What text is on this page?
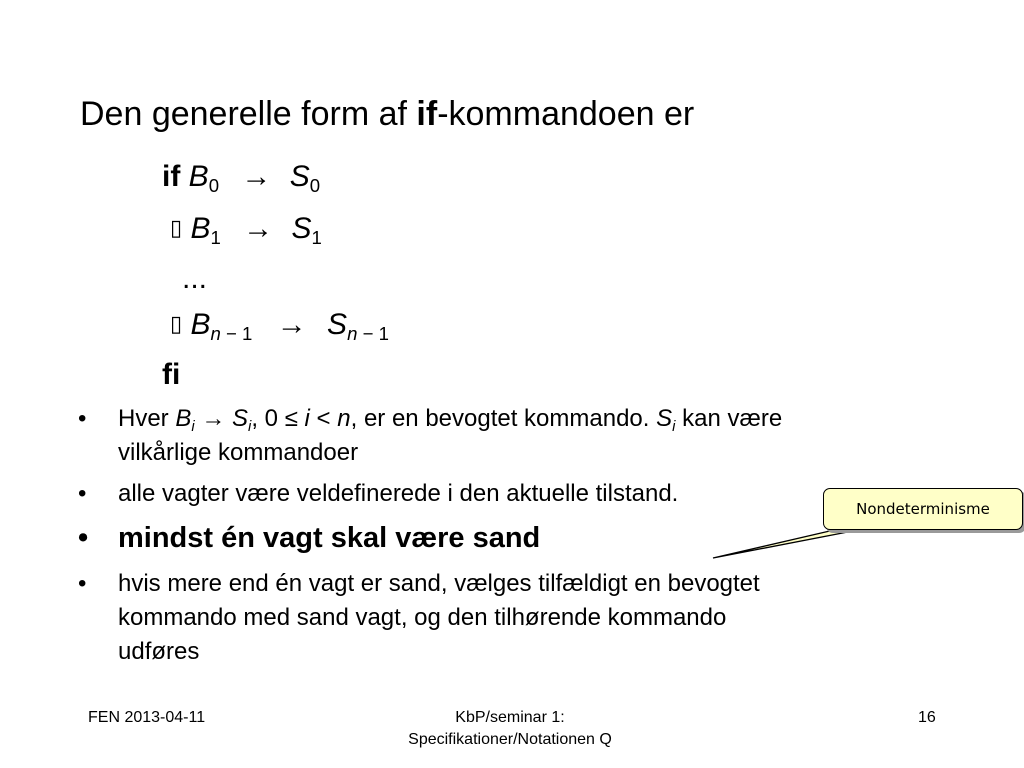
Den generelle form af if-kommandoen er
if $B_0 \to S_0$
▯ $B_1 \to S_1$
...
▯ $B_{n - 1} \to S_{n - 1}$
fi
• Hver $B_i \to S_i$, 0 ≤ i < n, er en bevogtet kommando. $S_i$ kan være
vilkårlige kommandoer
• alle vagter være veldefinerede i den aktuelle tilstand.
• mindst én vagt skal være sand
• hvis mere end én vagt er sand, vælges tilfældigt en bevogtet
kommando med sand vagt, og den tilhørende kommando
udføres
Nondeterminisme
FEN 2013-04-11	KbP/seminar 1:
Specifikationer/Notationen Q
16
